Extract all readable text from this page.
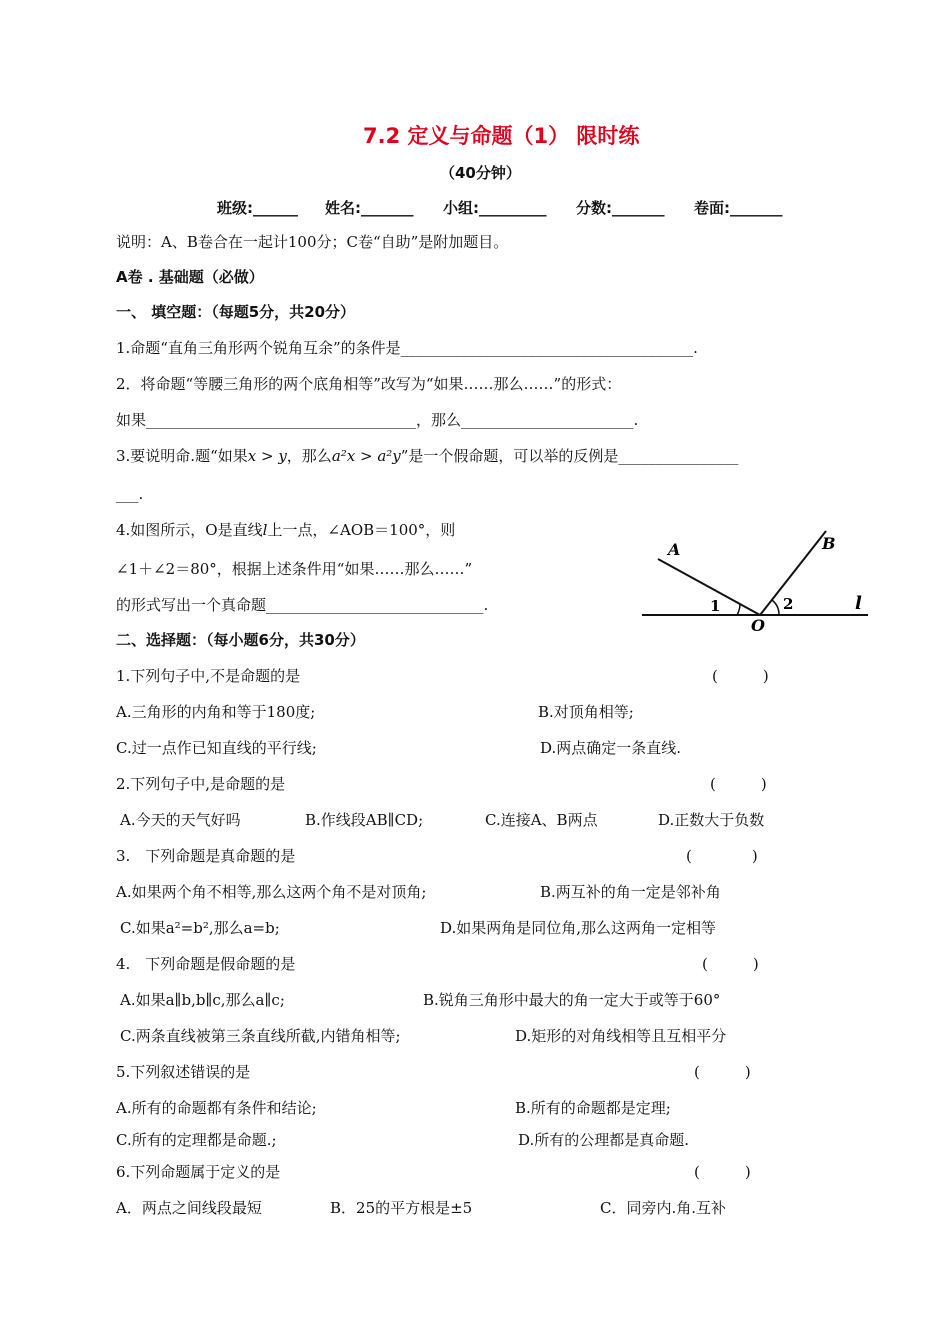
7.2 定义与命题（1） 限时练
（40分钟）
班级:______ 姓名:_______ 小组:_________ 分数:_______ 卷面:_______
说明：A、B卷合在一起计100分；C卷“自助”是附加题目。
A卷 . 基础题（必做）
一、 填空题：（每题5分，共20分）
1.命题“直角三角形两个锐角互余”的条件是_______________________________________.
2．将命题“等腰三角形的两个底角相等”改写为“如果……那么……”的形式：
如果____________________________________，那么_______________________.
3.要说明命.题“如果x > y，那么a²x > a²y”是一个假命题，可以举的反例是________________
___.
4.如图所示，O是直线l上一点，∠AOB＝100°，则
∠1＋∠2＝80°，根据上述条件用“如果……那么……”
的形式写出一个真命题_____________________________.
A	B
O
l
1	2
二、选择题：（每小题6分，共30分）
1.下列句子中,不是命题的是	(　　　)
A.三角形的内角和等于180度;	B.对顶角相等;
C.过一点作已知直线的平行线;	D.两点确定一条直线.
2.下列句子中,是命题的是	(　　　)
A.今天的天气好吗	B.作线段AB∥CD;	C.连接A、B两点	D.正数大于负数
3.　下列命题是真命题的是	(　　　　)
A.如果两个角不相等,那么这两个角不是对顶角;	B.两互补的角一定是邻补角
C.如果a²=b²,那么a=b;	D.如果两角是同位角,那么这两角一定相等
4.　下列命题是假命题的是	(　　　)
A.如果a∥b,b∥c,那么a∥c;	B.锐角三角形中最大的角一定大于或等于60°
C.两条直线被第三条直线所截,内错角相等;	D.矩形的对角线相等且互相平分
5.下列叙述错误的是	(　　　)
A.所有的命题都有条件和结论;	B.所有的命题都是定理;
C.所有的定理都是命题.;	D.所有的公理都是真命题.
6.下列命题属于定义的是	(　　　)
A．两点之间线段最短	B．25的平方根是±5	C．同旁内.角.互补
